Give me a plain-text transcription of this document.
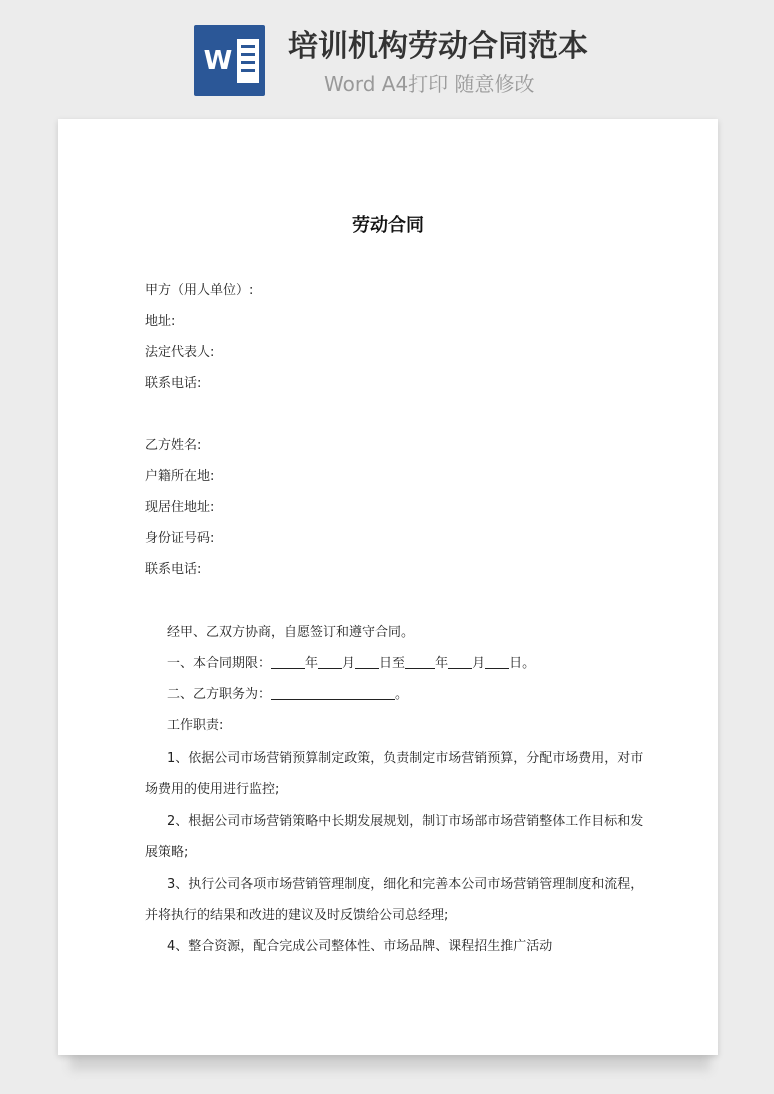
W 培训机构劳动合同范本
Word A4打印 随意修改
劳动合同
甲方（用人单位）:
地址:
法定代表人:
联系电话:
乙方姓名:
户籍所在地:
现居住地址:
身份证号码:
联系电话:
经甲、乙双方协商，自愿签订和遵守合同。
一、本合同期限：	年 月 日至 年 月 日。
二、乙方职务为：	。
工作职责:
1、依据公司市场营销预算制定政策，负责制定市场营销预算，分配市场费用，对市
场费用的使用进行监控;
2、根据公司市场营销策略中长期发展规划，制订市场部市场营销整体工作目标和发
展策略;
3、执行公司各项市场营销管理制度，细化和完善本公司市场营销管理制度和流程，
并将执行的结果和改进的建议及时反馈给公司总经理;
4、整合资源，配合完成公司整体性、市场品牌、课程招生推广活动
